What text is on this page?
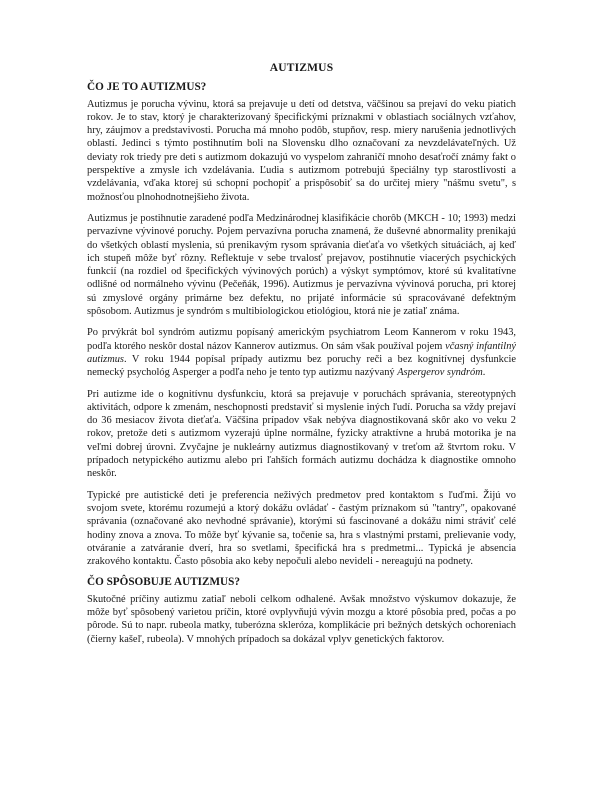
AUTIZMUS
ČO JE TO AUTIZMUS?

Autizmus je porucha vývinu, ktorá sa prejavuje u detí od detstva, väčšinou sa prejaví do veku piatich rokov. Je to stav, ktorý je charakterizovaný špecifickými príznakmi v oblastiach sociálnych vzťahov, hry, záujmov a predstavivosti. Porucha má mnoho podôb, stupňov, resp. miery narušenia jednotlivých oblastí. Jedinci s týmto postihnutím boli na Slovensku dlho označovaní za nevzdelávateľných. Už deviaty rok triedy pre deti s autizmom dokazujú vo vyspelom zahraničí mnoho desaťročí známy fakt o perspektíve a zmysle ich vzdelávania. Ľudia s autizmom potrebujú špeciálny typ starostlivosti a vzdelávania, vďaka ktorej sú schopní pochopiť a prispôsobiť sa do určitej miery "nášmu svetu", s možnosťou plnohodnotnejšieho života.

Autizmus je postihnutie zaradené podľa Medzinárodnej klasifikácie chorôb (MKCH - 10; 1993) medzi pervazívne vývinové poruchy. Pojem pervazívna porucha znamená, že duševné abnormality prenikajú do všetkých oblastí myslenia, sú prenikavým rysom správania dieťaťa vo všetkých situáciách, aj keď ich stupeň môže byť rôzny. Reflektuje v sebe trvalosť prejavov, postihnutie viacerých psychických funkcií (na rozdiel od špecifických vývinových porúch) a výskyt symptómov, ktoré sú kvalitatívne odlišné od normálneho vývinu (Pečeňák, 1996). Autizmus je pervazívna vývinová porucha, pri ktorej sú zmyslové orgány primárne bez defektu, no prijaté informácie sú spracovávané defektným spôsobom. Autizmus je syndróm s multibiologickou etiológiou, ktorá nie je zatiaľ známa.

Po prvýkrát bol syndróm autizmu popísaný americkým psychiatrom Leom Kannerom v roku 1943, podľa ktorého neskôr dostal názov Kannerov autizmus. On sám však používal pojem včasný infantilný autizmus. V roku 1944 popísal prípady autizmu bez poruchy reči a bez kognitívnej dysfunkcie nemecký psychológ Asperger a podľa neho je tento typ autizmu nazývaný Aspergerov syndróm.

Pri autizme ide o kognitívnu dysfunkciu, ktorá sa prejavuje v poruchách správania, stereotypných aktivitách, odpore k zmenám, neschopnosti predstaviť si myslenie iných ľudí. Porucha sa vždy prejaví do 36 mesiacov života dieťaťa. Väčšina prípadov však nebýva diagnostikovaná skôr ako vo veku 2 rokov, pretože deti s autizmom vyzerajú úplne normálne, fyzicky atraktívne a hrubá motorika je na veľmi dobrej úrovni. Zvyčajne je nukleárny autizmus diagnostikovaný v treťom až štvrtom roku. V prípadoch netypického autizmu alebo pri ľahších formách autizmu dochádza k diagnostike omnoho neskôr.

Typické pre autistické deti je preferencia neživých predmetov pred kontaktom s ľuďmi. Žijú vo svojom svete, ktorému rozumejú a ktorý dokážu ovládať - častým príznakom sú "tantry", opakované správania (označované ako nevhodné správanie), ktorými sú fascinované a dokážu nimi stráviť celé hodiny znova a znova. To môže byť kývanie sa, točenie sa, hra s vlastnými prstami, prelievanie vody, otváranie a zatváranie dverí, hra so svetlami, špecifická hra s predmetmi... Typická je absencia zrakového kontaktu. Často pôsobia ako keby nepočuli alebo nevideli - nereagujú na podnety.

ČO SPÔSOBUJE AUTIZMUS?

Skutočné príčiny autizmu zatiaľ neboli celkom odhalené. Avšak množstvo výskumov dokazuje, že môže byť spôsobený varietou príčin, ktoré ovplyvňujú vývin mozgu a ktoré pôsobia pred, počas a po pôrode. Sú to napr. rubeola matky, tuberózna skleróza, komplikácie pri bežných detských ochoreniach (čierny kašeľ, rubeola). V mnohých prípadoch sa dokázal vplyv genetických faktorov.
